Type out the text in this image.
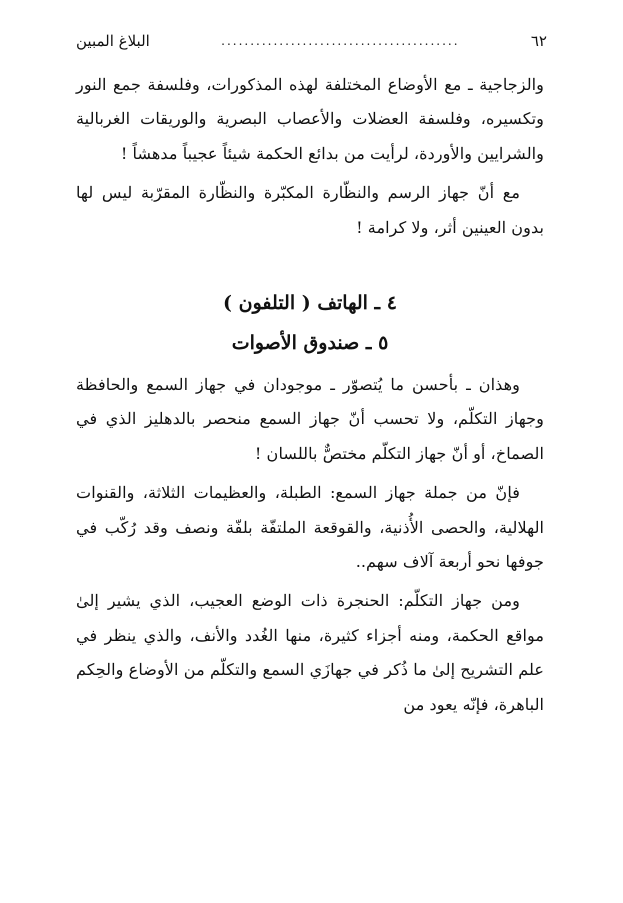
٦٢
.........................................
البلاغ المبين

والزجاجية ـ مع الأوضاع المختلفة لهذه المذكورات، وفلسفة جمع النور وتكسيره، وفلسفة العضلات والأعصاب البصرية والوريقات الغربالية والشرايين والأوردة، لرأيت من بدائع الحكمة شيئاً عجيباً مدهشاً !

مع أنّ جهاز الرسم والنظّارة المكبّرة والنظّارة المقرّبة ليس لها بدون العينين أثر، ولا كرامة !

٤ ـ الهاتف ( التلفون )
٥ ـ صندوق الأصوات

وهذان ـ بأحسن ما يُتصوّر ـ موجودان في جهاز السمع والحافظة وجهاز التكلّم، ولا تحسب أنّ جهاز السمع منحصر بالدهليز الذي في الصماخ، أو أنّ جهاز التكلّم مختصٌّ باللسان !

فإنّ من جملة جهاز السمع: الطبلة، والعظيمات الثلاثة، والقنوات الهلالية، والحصى الأُذنية، والقوقعة الملتفّة بلفّة ونصف وقد رُكّب في جوفها نحو أربعة آلاف سهم..

ومن جهاز التكلّم: الحنجرة ذات الوضع العجيب، الذي يشير إلىٰ مواقع الحكمة، ومنه أجزاء كثيرة، منها الغُدد والأنف، والذي ينظر في علم التشريح إلىٰ ما ذُكر في جهازَي السمع والتكلّم من الأوضاع والحِكم الباهرة، فإنّه يعود من
